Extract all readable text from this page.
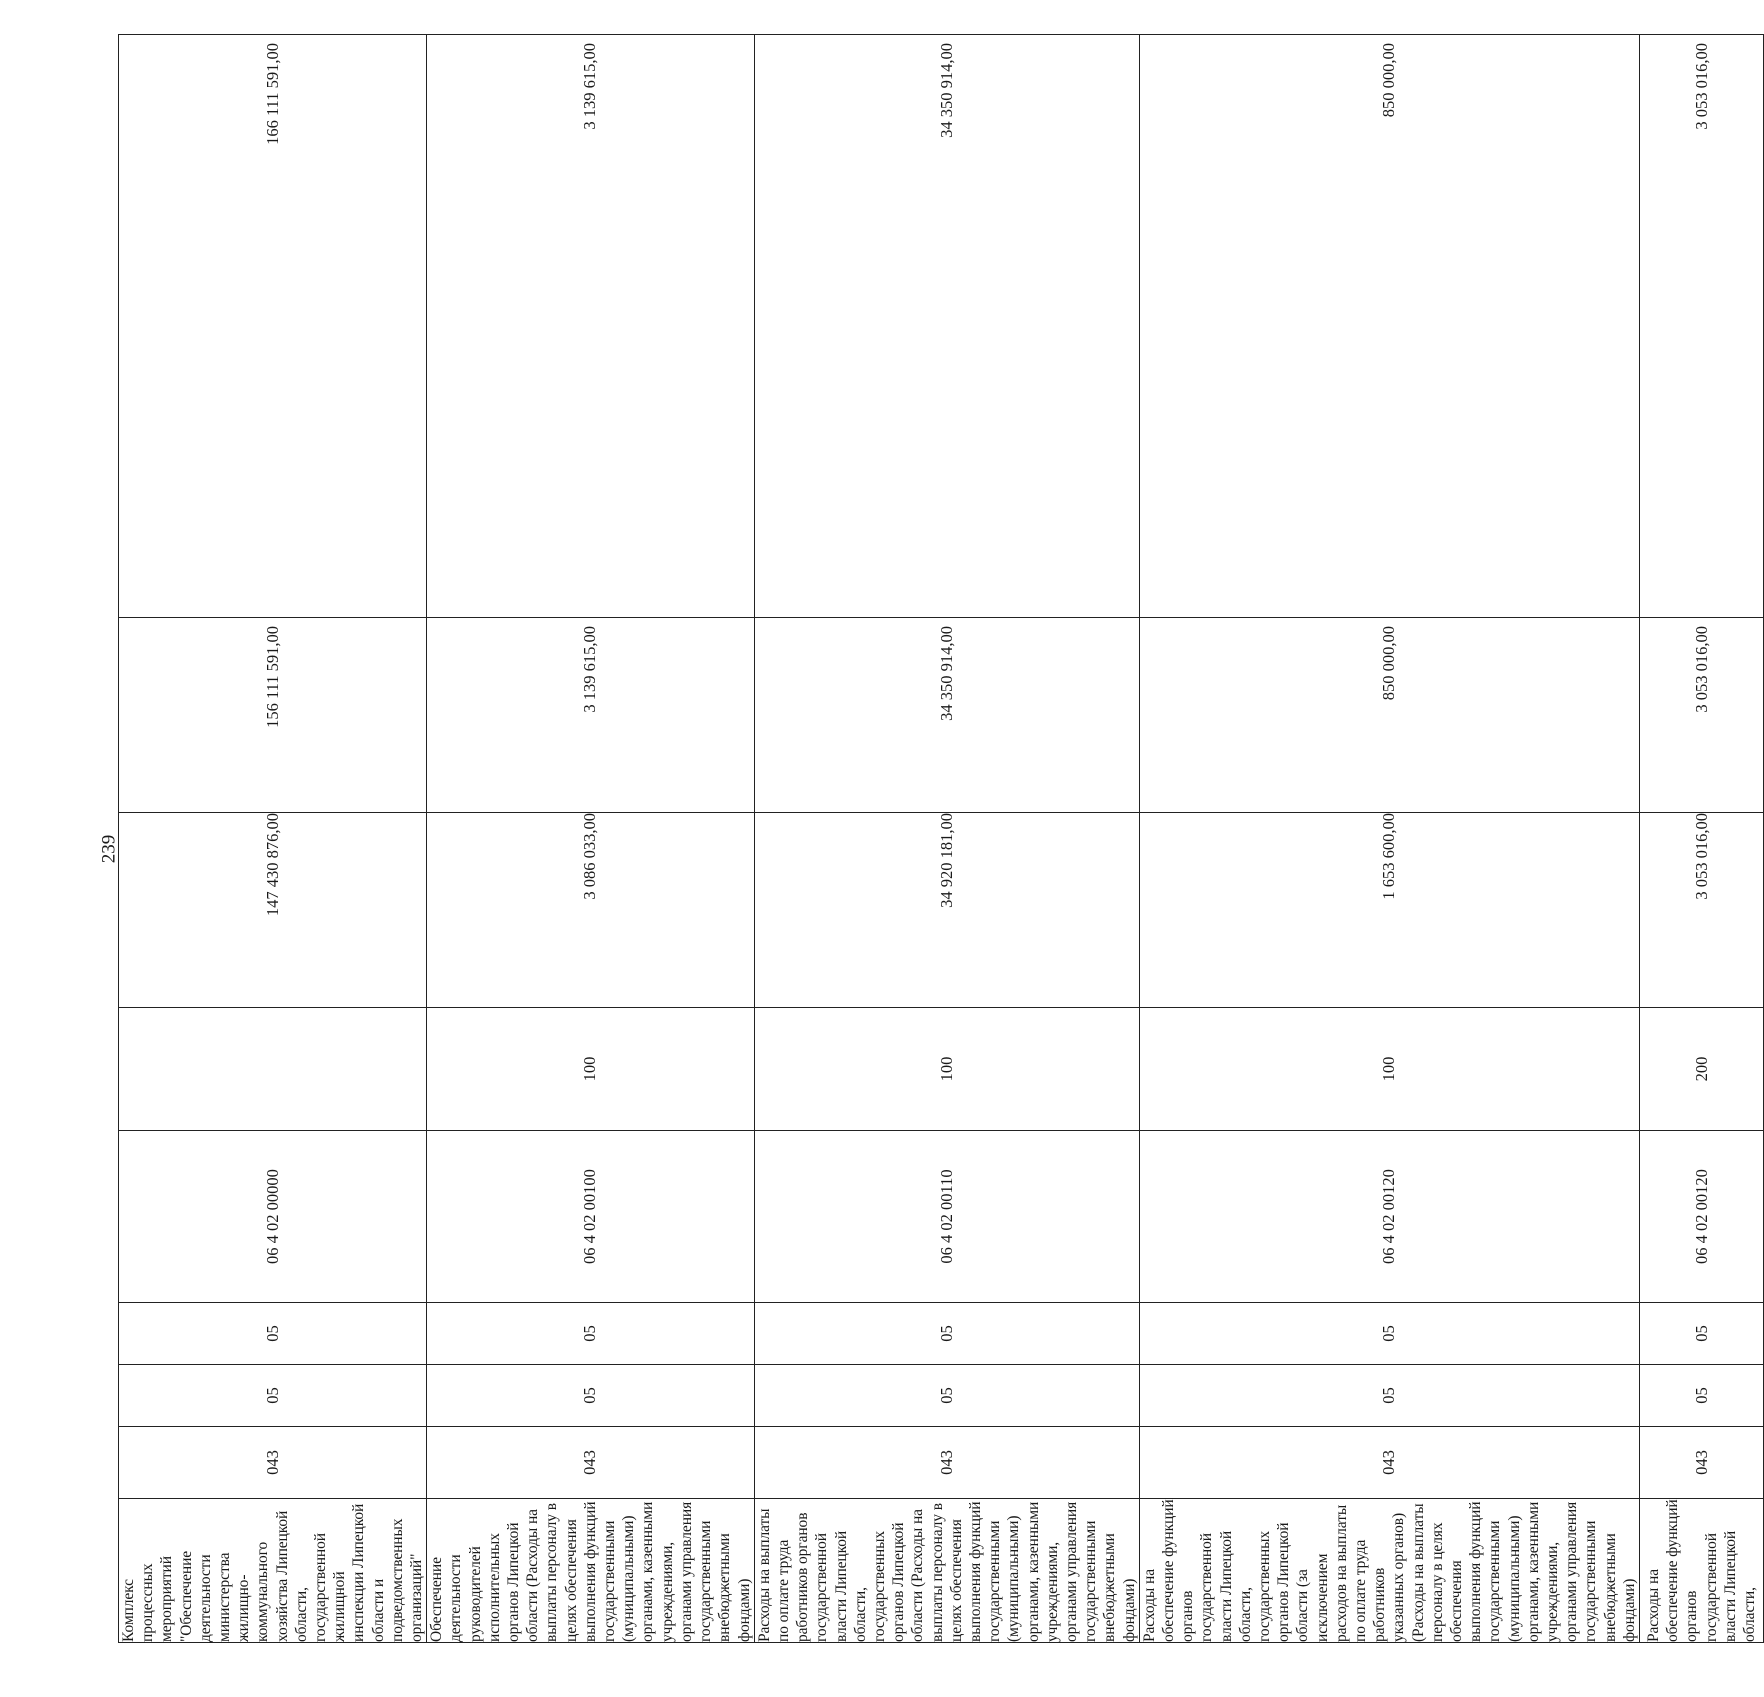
239
Комплекс процессных мероприятий "Обеспечение деятельности министерства жилищно-коммунального хозяйства Липецкой области, государственной жилищной инспекции Липецкой области и подведомственных организаций"	043	05	05	06 4 02 00000		147 430 876,00	156 111 591,00	166 111 591,00
Обеспечение деятельности руководителей исполнительных органов Липецкой области (Расходы на выплаты персоналу в целях обеспечения выполнения функций государственными (муниципальными) органами, казенными учреждениями, органами управления государственными внебюджетными фондами)	043	05	05	06 4 02 00100	100	3 086 033,00	3 139 615,00	3 139 615,00
Расходы на выплаты по оплате труда работников органов государственной власти Липецкой области, государственных органов Липецкой области (Расходы на выплаты персоналу в целях обеспечения выполнения функций государственными (муниципальными) органами, казенными учреждениями, органами управления государственными внебюджетными фондами)	043	05	05	06 4 02 00110	100	34 920 181,00	34 350 914,00	34 350 914,00
Расходы на обеспечение функций органов государственной власти Липецкой области, государственных органов Липецкой области (за исключением расходов на выплаты по оплате труда работников указанных органов) (Расходы на выплаты персоналу в целях обеспечения выполнения функций государственными (муниципальными) органами, казенными учреждениями, органами управления государственными внебюджетными фондами)	043	05	05	06 4 02 00120	100	1 653 600,00	850 000,00	850 000,00
Расходы на обеспечение функций органов государственной власти Липецкой области,	043	05	05	06 4 02 00120	200	3 053 016,00	3 053 016,00	3 053 016,00
